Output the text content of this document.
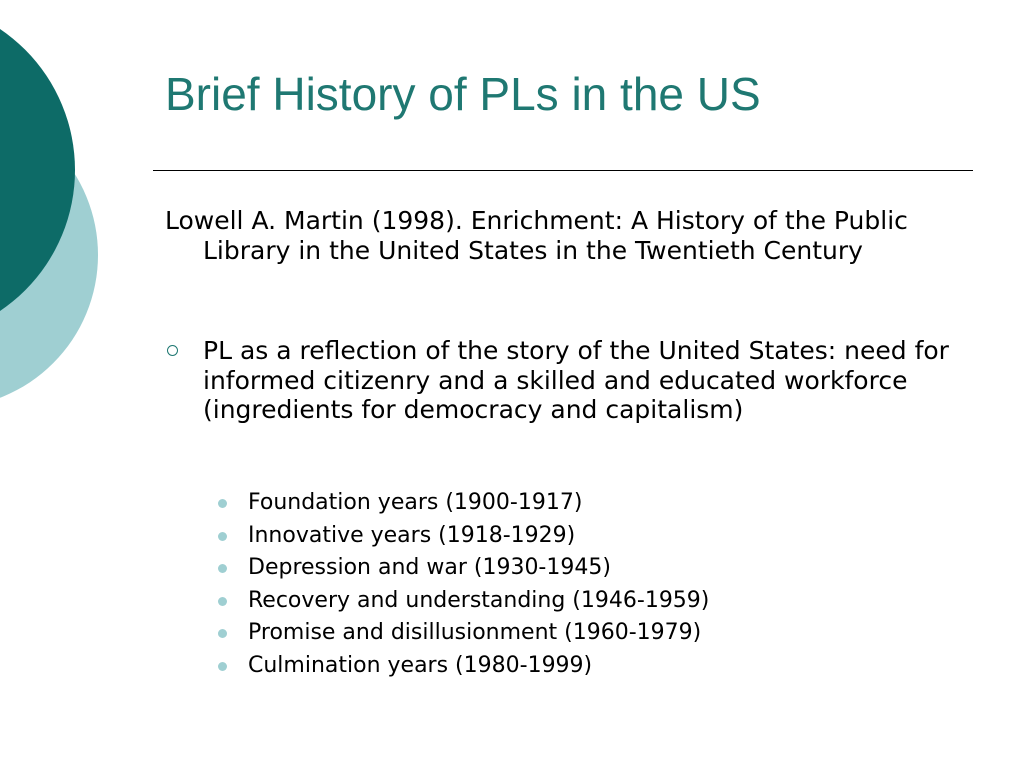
Brief History of PLs in the US

Lowell A. Martin (1998). Enrichment: A History of the Public Library in the United States in the Twentieth Century

PL as a reflection of the story of the United States: need for informed citizenry and a skilled and educated workforce (ingredients for democracy and capitalism)
Foundation years (1900-1917)
Innovative years (1918-1929)
Depression and war (1930-1945)
Recovery and understanding (1946-1959)
Promise and disillusionment (1960-1979)
Culmination years (1980-1999)
